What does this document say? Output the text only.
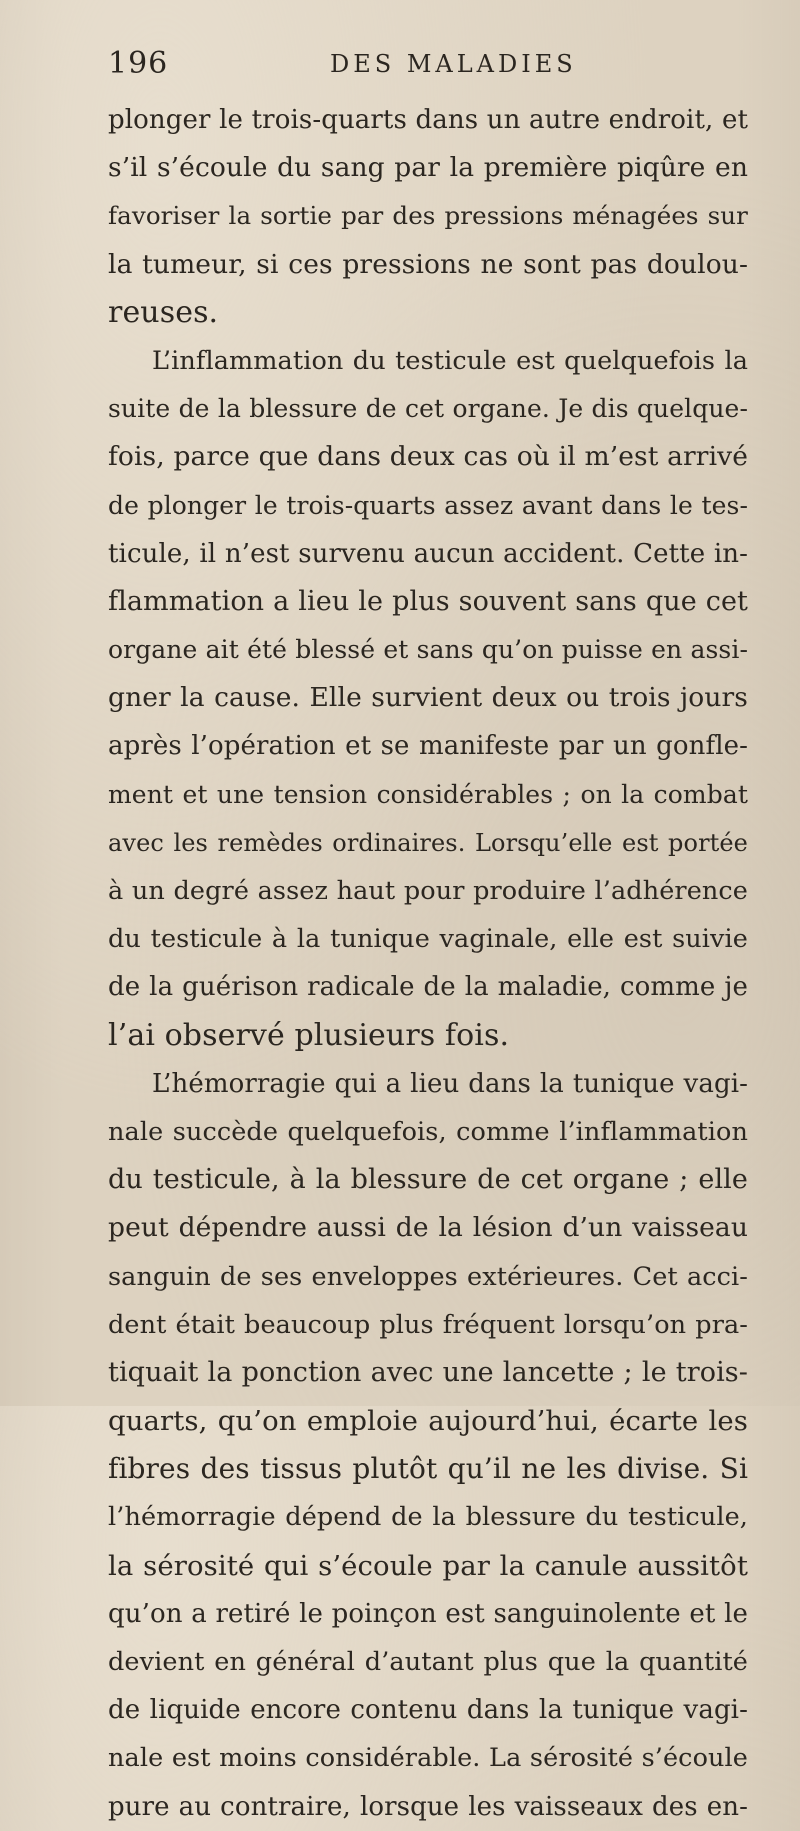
196	DES MALADIES
plonger le trois-quarts dans un autre endroit, et
s’il s’écoule du sang par la première piqûre en
favoriser la sortie par des pressions ménagées sur
la tumeur, si ces pressions ne sont pas doulou-
reuses.
L’inflammation du testicule est quelquefois la
suite de la blessure de cet organe. Je dis quelque-
fois, parce que dans deux cas où il m’est arrivé
de plonger le trois-quarts assez avant dans le tes-
ticule, il n’est survenu aucun accident. Cette in-
flammation a lieu le plus souvent sans que cet
organe ait été blessé et sans qu’on puisse en assi-
gner la cause. Elle survient deux ou trois jours
après l’opération et se manifeste par un gonfle-
ment et une tension considérables ; on la combat
avec les remèdes ordinaires. Lorsqu’elle est portée
à un degré assez haut pour produire l’adhérence
du testicule à la tunique vaginale, elle est suivie
de la guérison radicale de la maladie, comme je
l’ai observé plusieurs fois.
L’hémorragie qui a lieu dans la tunique vagi-
nale succède quelquefois, comme l’inflammation
du testicule, à la blessure de cet organe ; elle
peut dépendre aussi de la lésion d’un vaisseau
sanguin de ses enveloppes extérieures. Cet acci-
dent était beaucoup plus fréquent lorsqu’on pra-
tiquait la ponction avec une lancette ; le trois-
quarts, qu’on emploie aujourd’hui, écarte les
fibres des tissus plutôt qu’il ne les divise. Si
l’hémorragie dépend de la blessure du testicule,
la sérosité qui s’écoule par la canule aussitôt
qu’on a retiré le poinçon est sanguinolente et le
devient en général d’autant plus que la quantité
de liquide encore contenu dans la tunique vagi-
nale est moins considérable. La sérosité s’écoule
pure au contraire, lorsque les vaisseaux des en-
